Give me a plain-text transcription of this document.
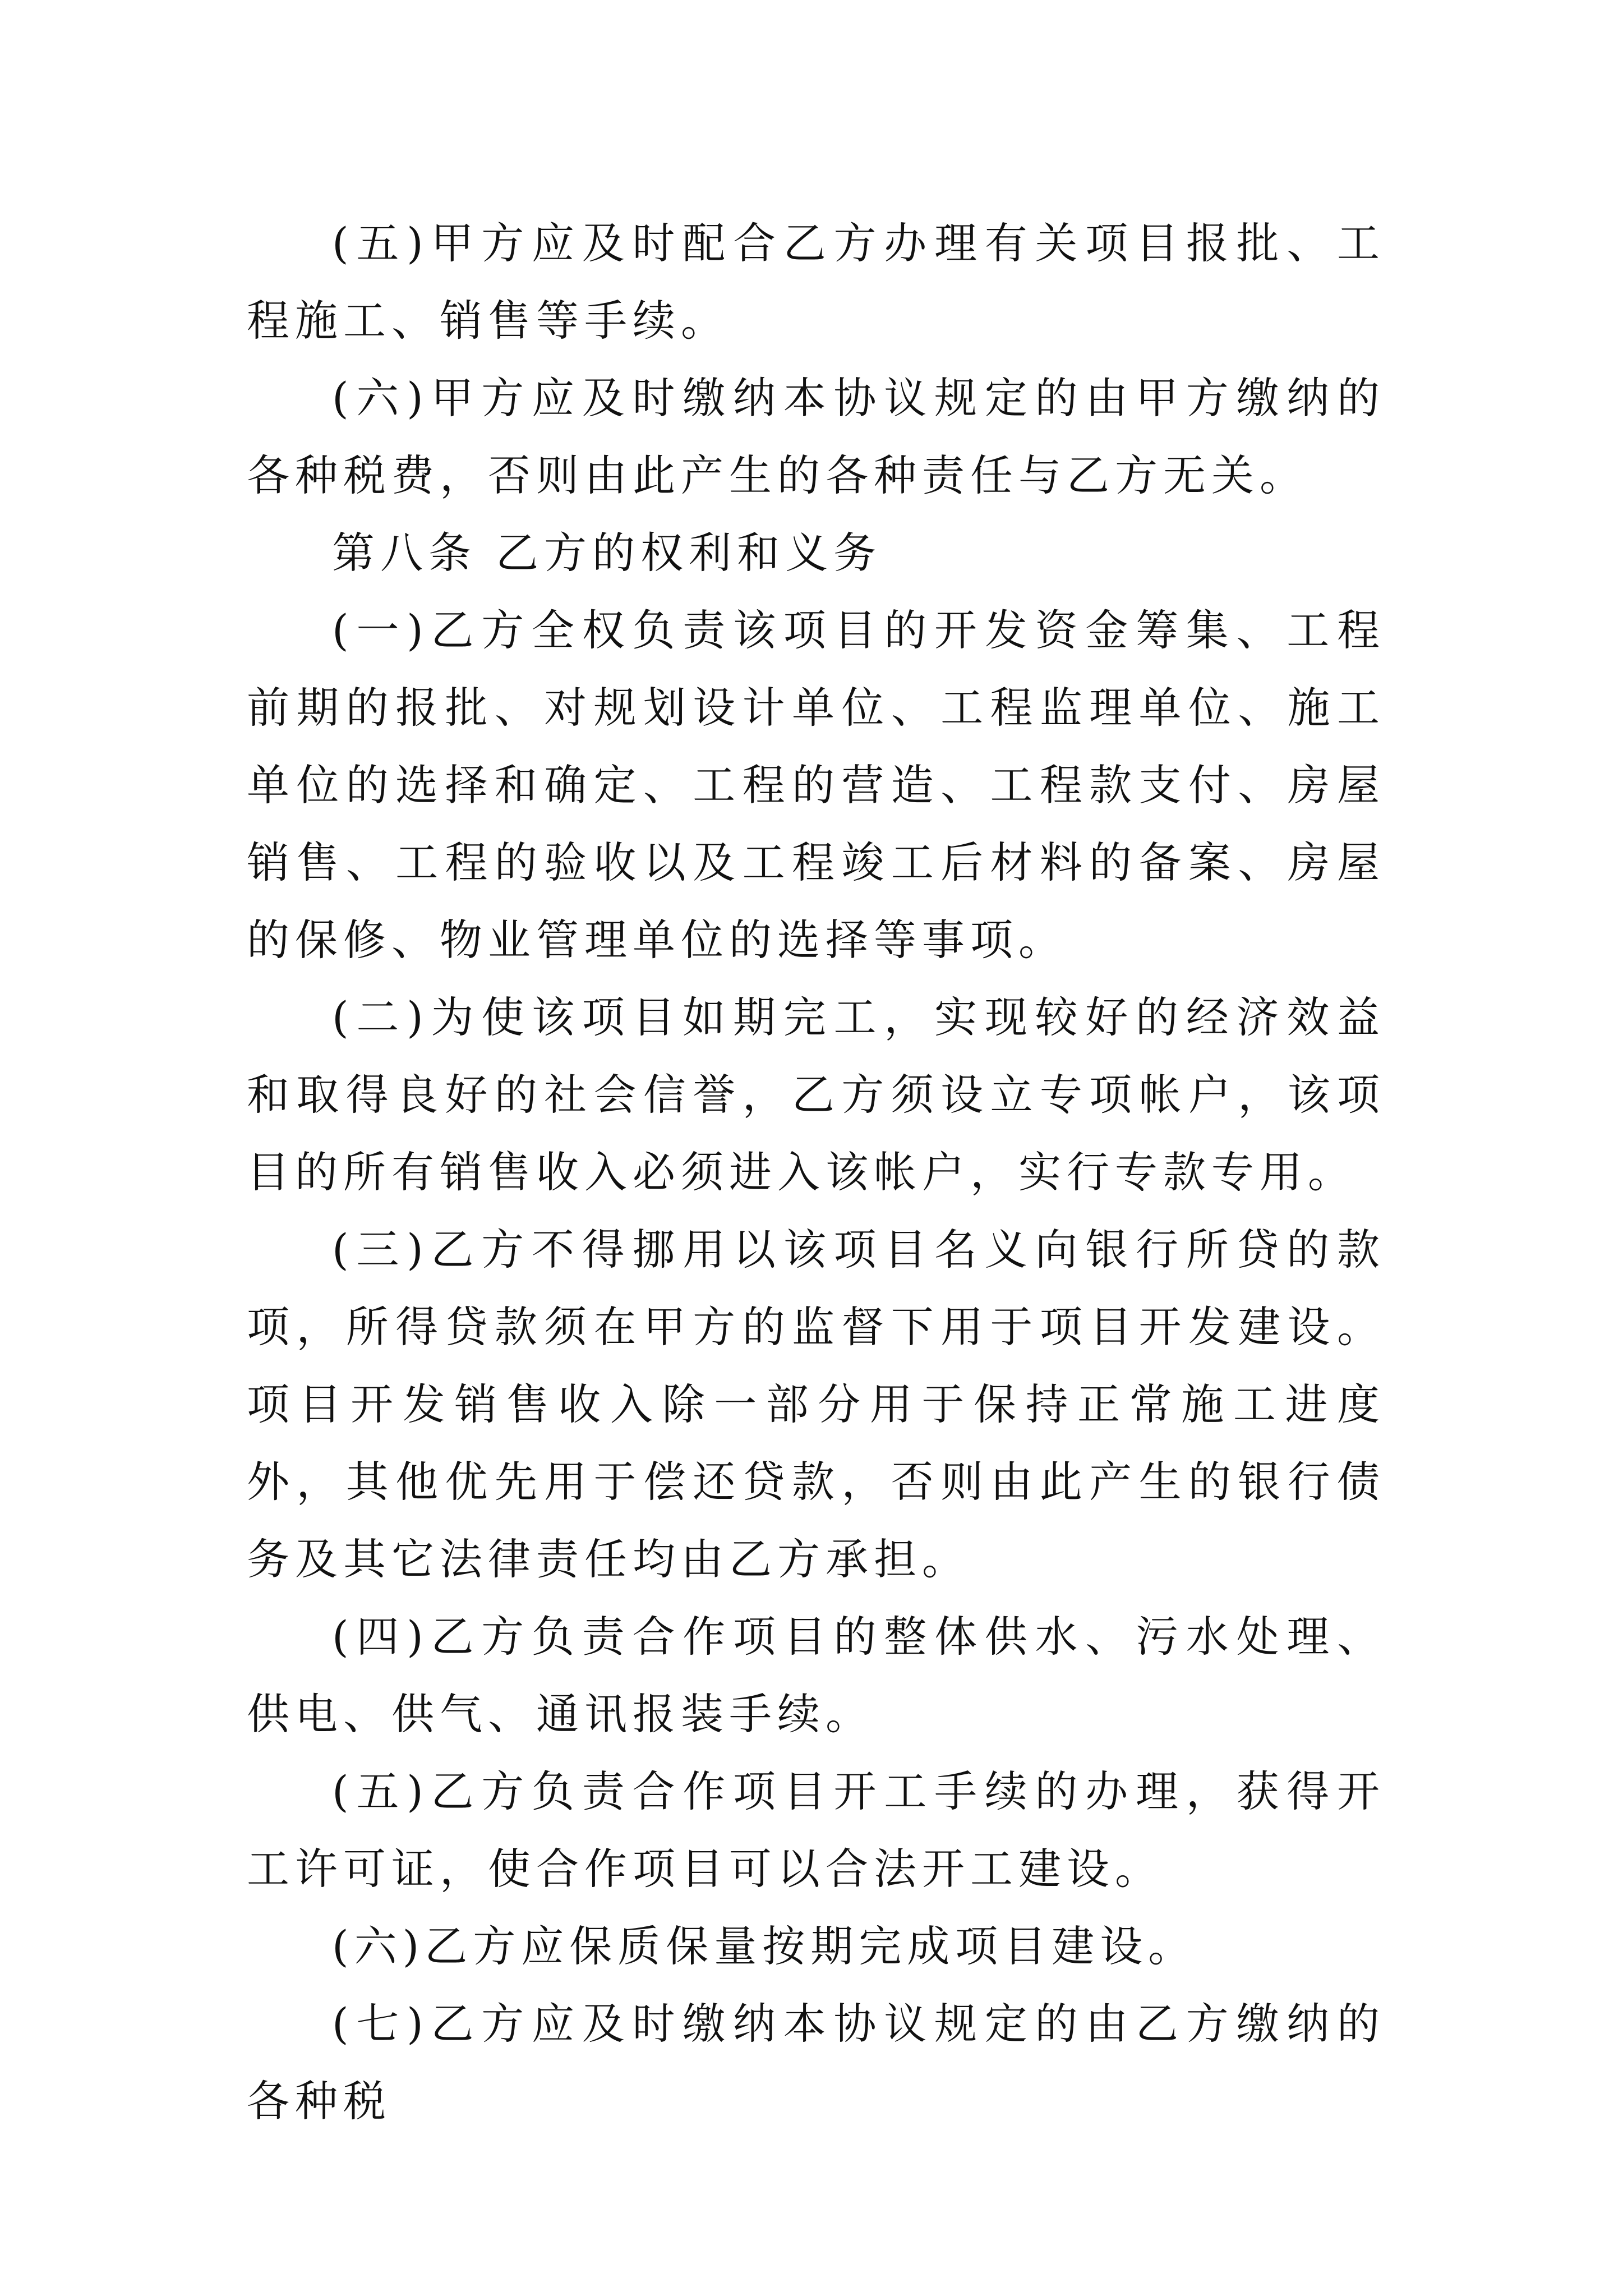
(五)甲方应及时配合乙方办理有关项目报批、工程施工、销售等手续。

(六)甲方应及时缴纳本协议规定的由甲方缴纳的各种税费，否则由此产生的各种责任与乙方无关。

第八条 乙方的权利和义务

(一)乙方全权负责该项目的开发资金筹集、工程前期的报批、对规划设计单位、工程监理单位、施工单位的选择和确定、工程的营造、工程款支付、房屋销售、工程的验收以及工程竣工后材料的备案、房屋的保修、物业管理单位的选择等事项。

(二)为使该项目如期完工，实现较好的经济效益和取得良好的社会信誉，乙方须设立专项帐户，该项目的所有销售收入必须进入该帐户，实行专款专用。

(三)乙方不得挪用以该项目名义向银行所贷的款项，所得贷款须在甲方的监督下用于项目开发建设。项目开发销售收入除一部分用于保持正常施工进度外，其他优先用于偿还贷款，否则由此产生的银行债务及其它法律责任均由乙方承担。

(四)乙方负责合作项目的整体供水、污水处理、供电、供气、通讯报装手续。

(五)乙方负责合作项目开工手续的办理，获得开工许可证，使合作项目可以合法开工建设。

(六)乙方应保质保量按期完成项目建设。

(七)乙方应及时缴纳本协议规定的由乙方缴纳的各种税
